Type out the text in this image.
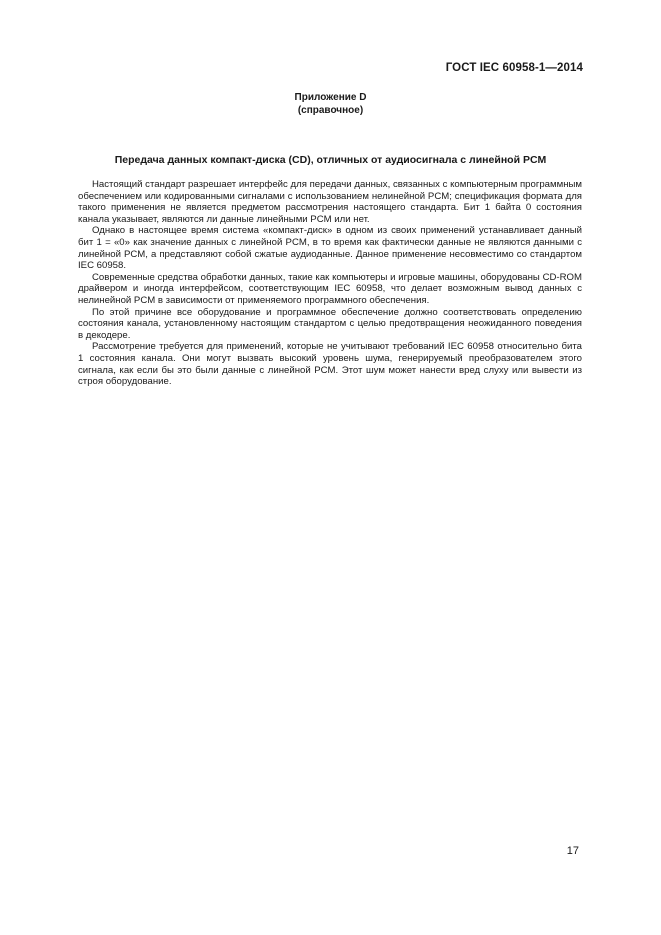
ГОСТ IEC 60958-1—2014
Приложение D
(справочное)
Передача данных компакт-диска (CD), отличных от аудиосигнала с линейной PCM

Настоящий стандарт разрешает интерфейс для передачи данных, связанных с компьютерным программным обеспечением или кодированными сигналами с использованием нелинейной PCM; спецификация формата для такого применения не является предметом рассмотрения настоящего стандарта. Бит 1 байта 0 состояния канала указывает, являются ли данные линейными PCM или нет.

Однако в настоящее время система «компакт-диск» в одном из своих применений устанавливает данный бит 1 = «0» как значение данных с линейной PCM, в то время как фактически данные не являются данными с линейной PCM, а представляют собой сжатые аудиоданные. Данное применение несовместимо со стандартом IEC 60958.

Современные средства обработки данных, такие как компьютеры и игровые машины, оборудованы CD-ROM драйвером и иногда интерфейсом, соответствующим IEC 60958, что делает возможным вывод данных с нелинейной PCM в зависимости от применяемого программного обеспечения.

По этой причине все оборудование и программное обеспечение должно соответствовать определению состояния канала, установленному настоящим стандартом с целью предотвращения неожиданного поведения в декодере.

Рассмотрение требуется для применений, которые не учитывают требований IEC 60958 относительно бита 1 состояния канала. Они могут вызвать высокий уровень шума, генерируемый преобразователем этого сигнала, как если бы это были данные с линейной PCM. Этот шум может нанести вред слуху или вывести из строя оборудование.

17
